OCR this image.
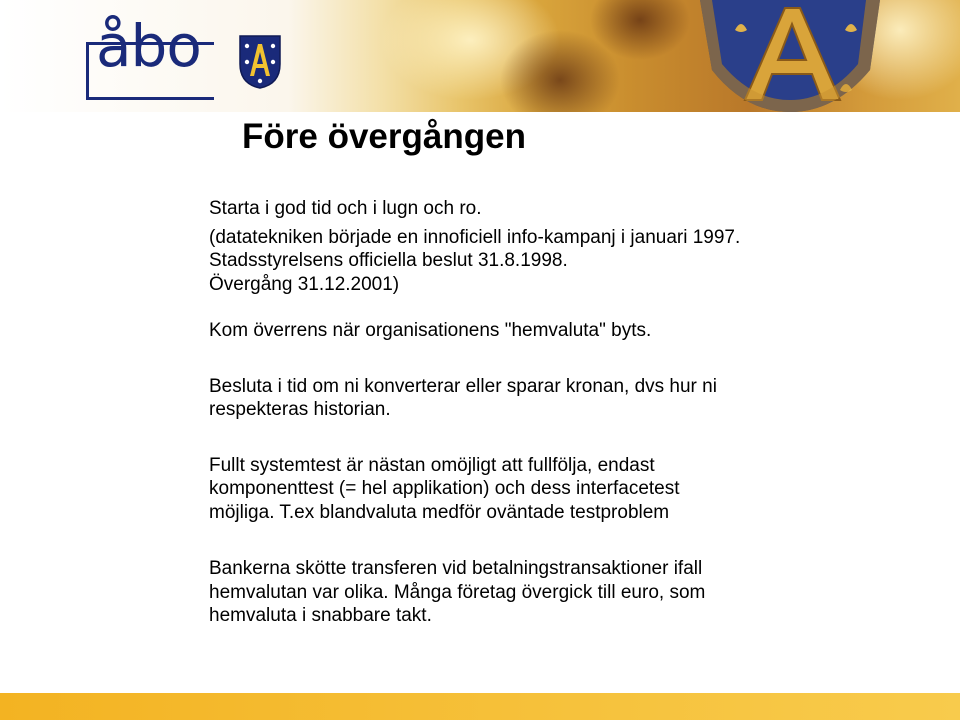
åbo
Före övergången

Starta i god tid och i lugn och ro.

(datatekniken började en innoficiell info-kampanj i januari 1997.
Stadsstyrelsens officiella beslut 31.8.1998.
Övergång 31.12.2001)

Kom överrens när organisationens "hemvaluta" byts.

Besluta i tid om ni konverterar eller sparar kronan, dvs hur ni
respekteras historian.

Fullt systemtest är nästan omöjligt att fullfölja, endast
komponenttest (= hel applikation) och dess interfacetest
möjliga. T.ex blandvaluta medför oväntade testproblem

Bankerna skötte transferen vid betalningstransaktioner ifall
hemvalutan var olika. Många företag övergick till euro, som
hemvaluta i snabbare takt.
